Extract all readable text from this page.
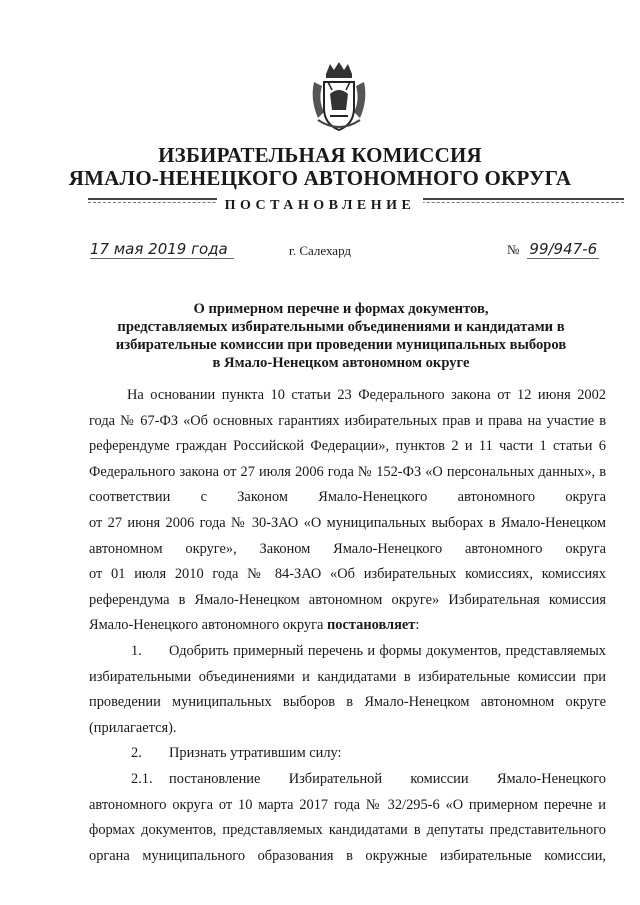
ИЗБИРАТЕЛЬНАЯ КОМИССИЯ

ЯМАЛО-НЕНЕЦКОГО АВТОНОМНОГО ОКРУГА

ПОСТАНОВЛЕНИЕ
17 мая 2019 года	г. Салехард	№ 99/947-6
О примерном перечне и формах документов,
представляемых избирательными объединениями и кандидатами в
избирательные комиссии при проведении муниципальных выборов
в Ямало-Ненецком автономном округе
На основании пункта 10 статьи 23 Федерального закона от 12 июня 2002
года № 67-ФЗ «Об основных гарантиях избирательных прав и права на участие в
референдуме граждан Российской Федерации», пунктов 2 и 11 части 1 статьи 6
Федерального закона от 27 июля 2006 года № 152-ФЗ «О персональных данных», в
соответствии с Законом Ямало-Ненецкого автономного округа
от 27 июня 2006 года № 30-ЗАО «О муниципальных выборах в Ямало-Ненецком
автономном округе», Законом Ямало-Ненецкого автономного округа
от 01 июля 2010 года № 84-ЗАО «Об избирательных комиссиях, комиссиях
референдума в Ямало-Ненецком автономном округе» Избирательная комиссия
Ямало-Ненецкого автономного округа постановляет:
1. Одобрить примерный перечень и формы документов, представляемых
избирательными объединениями и кандидатами в избирательные комиссии при
проведении муниципальных выборов в Ямало-Ненецком автономном округе
(прилагается).
2. Признать утратившим силу:
2.1. постановление Избирательной комиссии Ямало-Ненецкого
автономного округа от 10 марта 2017 года № 32/295-6 «О примерном перечне и
формах документов, представляемых кандидатами в депутаты представительного
органа муниципального образования в окружные избирательные комиссии,
